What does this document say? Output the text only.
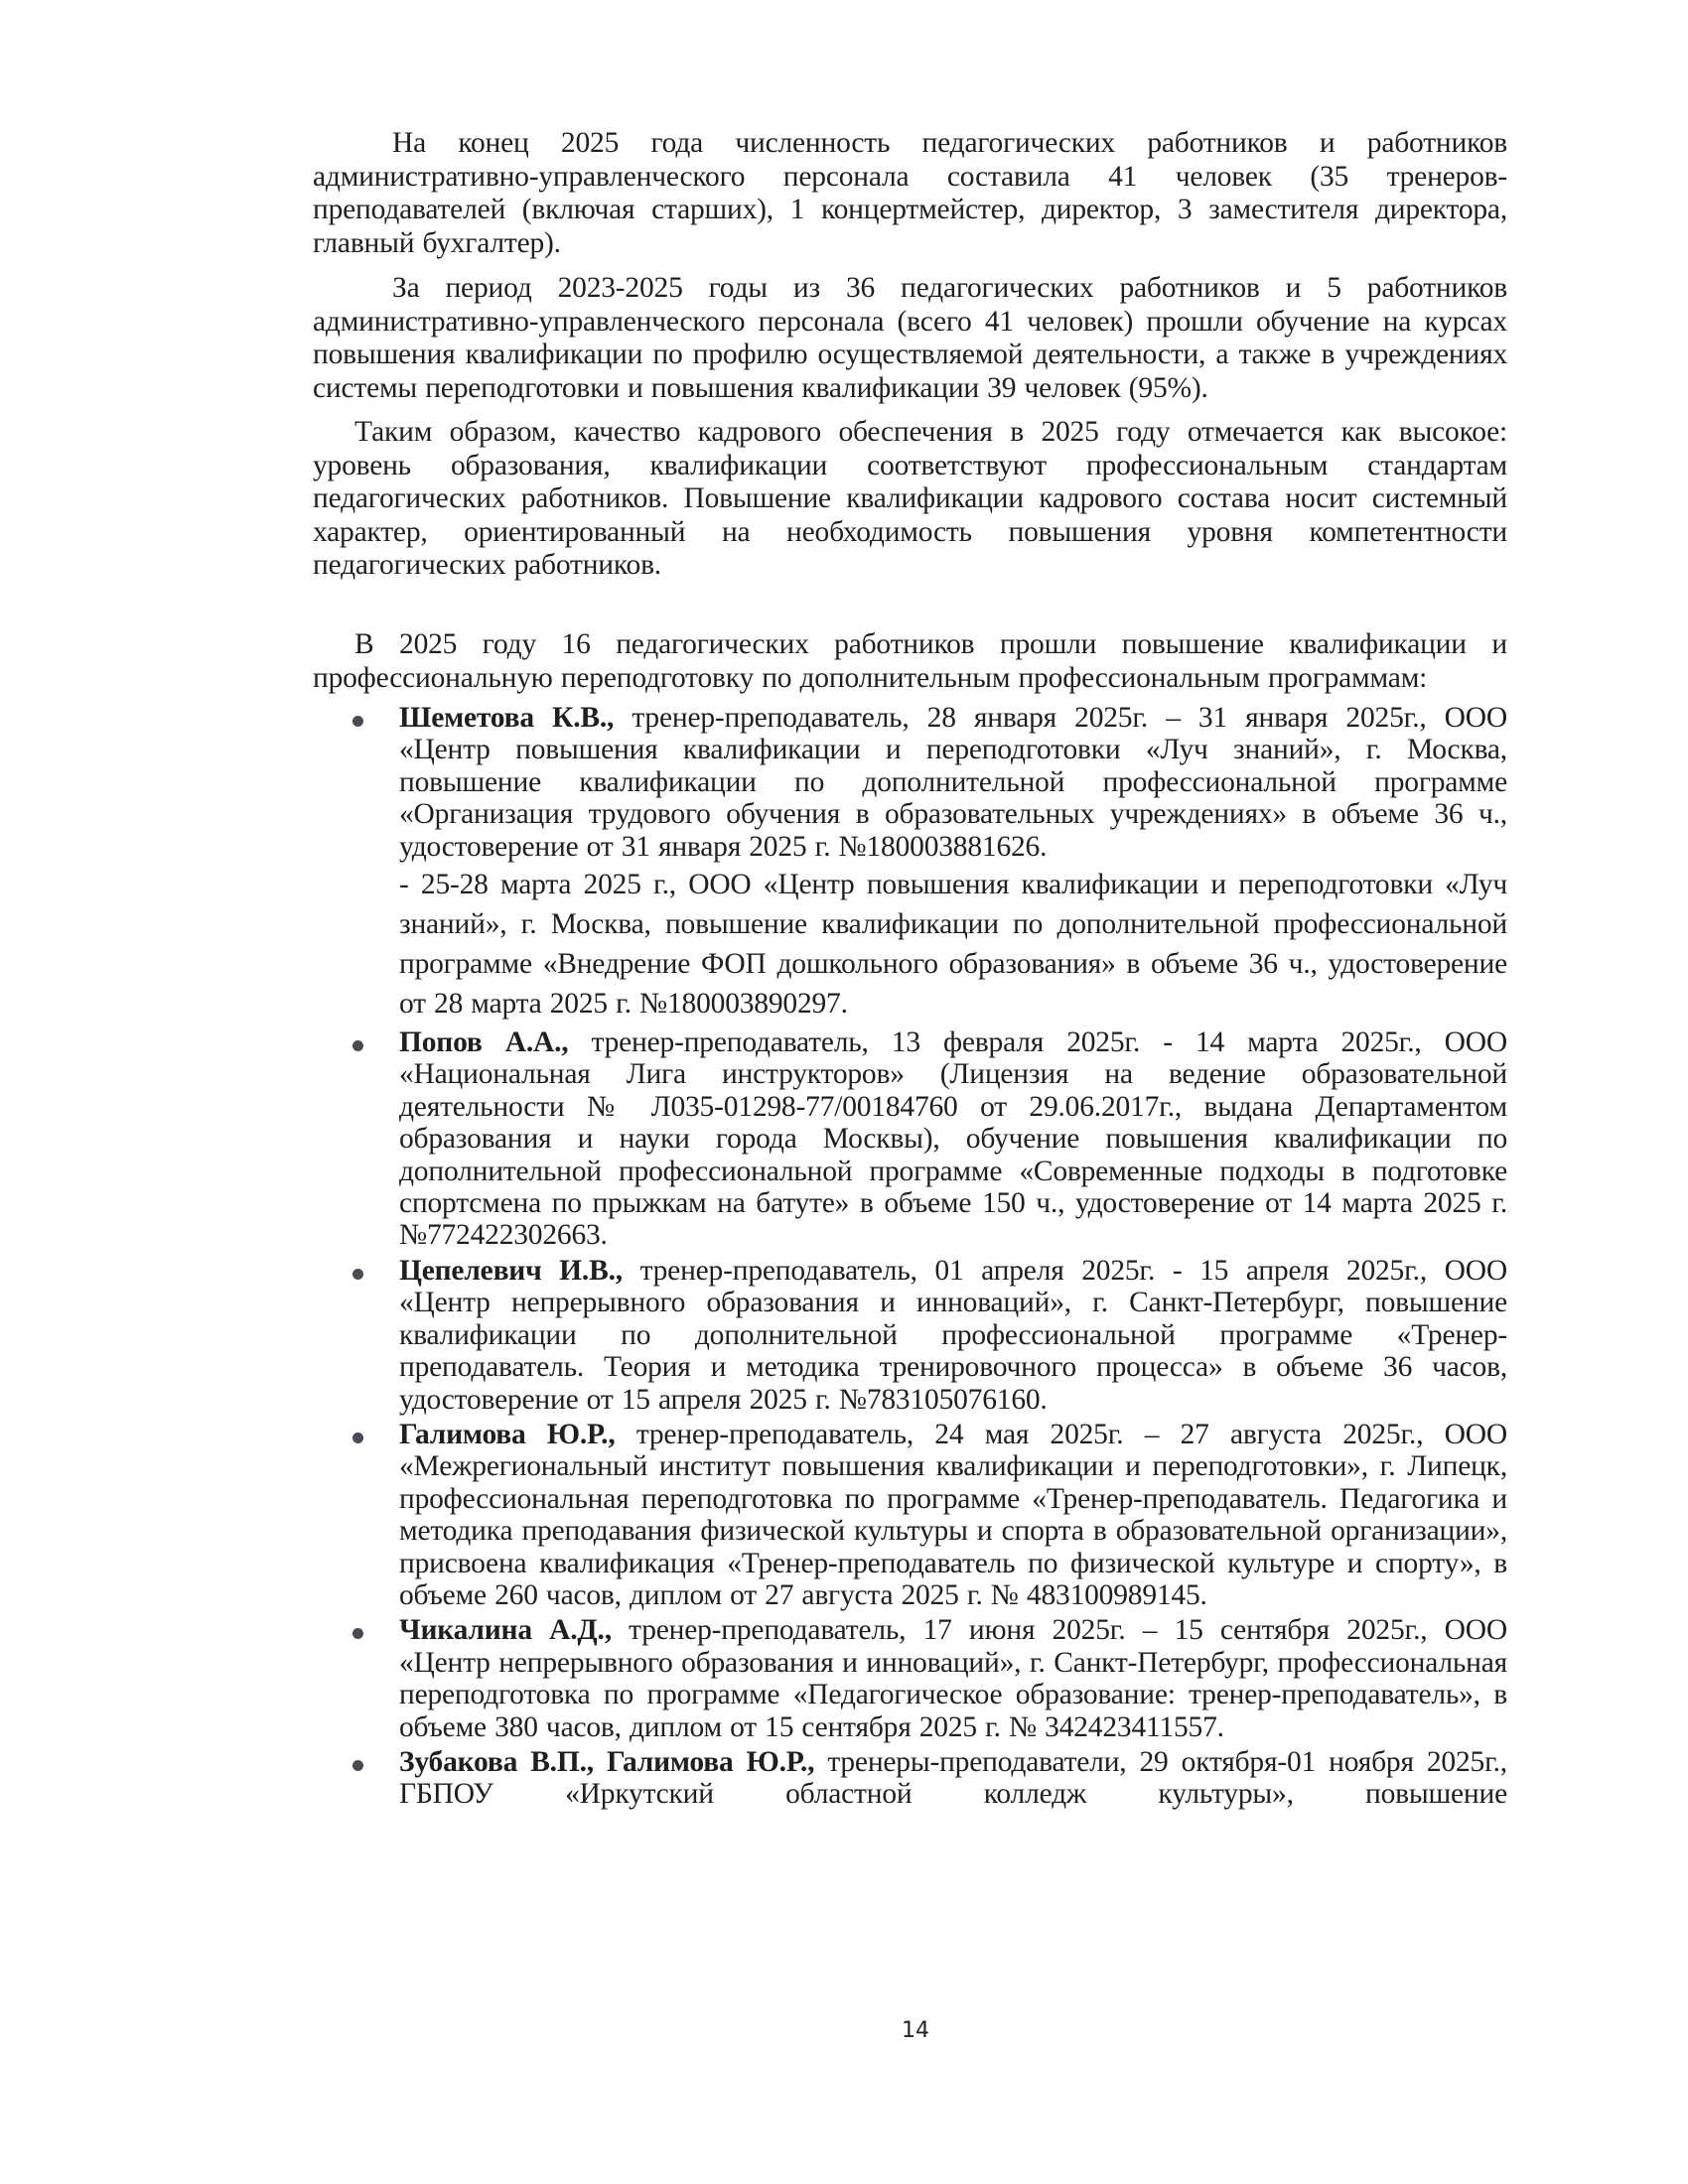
На конец 2025 года численность педагогических работников и работников административно-управленческого персонала составила 41 человек (35 тренеров-преподавателей (включая старших), 1 концертмейстер, директор, 3 заместителя директора, главный бухгалтер).

За период 2023-2025 годы из 36 педагогических работников и 5 работников административно-управленческого персонала (всего 41 человек) прошли обучение на курсах повышения квалификации по профилю осуществляемой деятельности, а также в учреждениях системы переподготовки и повышения квалификации 39 человек (95%).

Таким образом, качество кадрового обеспечения в 2025 году отмечается как высокое: уровень образования, квалификации соответствуют профессиональным стандартам педагогических работников. Повышение квалификации кадрового состава носит системный характер, ориентированный на необходимость повышения уровня компетентности педагогических работников.

В 2025 году 16 педагогических работников прошли повышение квалификации и профессиональную переподготовку по дополнительным профессиональным программам:

Шеметова К.В., тренер-преподаватель, 28 января 2025г. – 31 января 2025г., ООО «Центр повышения квалификации и переподготовки «Луч знаний», г. Москва, повышение квалификации по дополнительной профессиональной программе «Организация трудового обучения в образовательных учреждениях» в объеме 36 ч., удостоверение от 31 января 2025 г. №180003881626.
- 25-28 марта 2025 г., ООО «Центр повышения квалификации и переподготовки «Луч знаний», г. Москва, повышение квалификации по дополнительной профессиональной программе «Внедрение ФОП дошкольного образования» в объеме 36 ч., удостоверение от 28 марта 2025 г. №180003890297.
Попов А.А., тренер-преподаватель, 13 февраля 2025г. - 14 марта 2025г., ООО «Национальная Лига инструкторов» (Лицензия на ведение образовательной деятельности № Л035-01298-77/00184760 от 29.06.2017г., выдана Департаментом образования и науки города Москвы), обучение повышения квалификации по дополнительной профессиональной программе «Современные подходы в подготовке спортсмена по прыжкам на батуте» в объеме 150 ч., удостоверение от 14 марта 2025 г. №772422302663.
Цепелевич И.В., тренер-преподаватель, 01 апреля 2025г. - 15 апреля 2025г., ООО «Центр непрерывного образования и инноваций», г. Санкт-Петербург, повышение квалификации по дополнительной профессиональной программе «Тренер-преподаватель. Теория и методика тренировочного процесса» в объеме 36 часов, удостоверение от 15 апреля 2025 г. №783105076160.
Галимова Ю.Р., тренер-преподаватель, 24 мая 2025г. – 27 августа 2025г., ООО «Межрегиональный институт повышения квалификации и переподготовки», г. Липецк, профессиональная переподготовка по программе «Тренер-преподаватель. Педагогика и методика преподавания физической культуры и спорта в образовательной организации», присвоена квалификация «Тренер-преподаватель по физической культуре и спорту», в объеме 260 часов, диплом от 27 августа 2025 г. № 483100989145.
Чикалина А.Д., тренер-преподаватель, 17 июня 2025г. – 15 сентября 2025г., ООО «Центр непрерывного образования и инноваций», г. Санкт-Петербург, профессиональная переподготовка по программе «Педагогическое образование: тренер-преподаватель», в объеме 380 часов, диплом от 15 сентября 2025 г. № 342423411557.
Зубакова В.П., Галимова Ю.Р., тренеры-преподаватели, 29 октября-01 ноября 2025г., ГБПОУ «Иркутский областной колледж культуры», повышение
14
